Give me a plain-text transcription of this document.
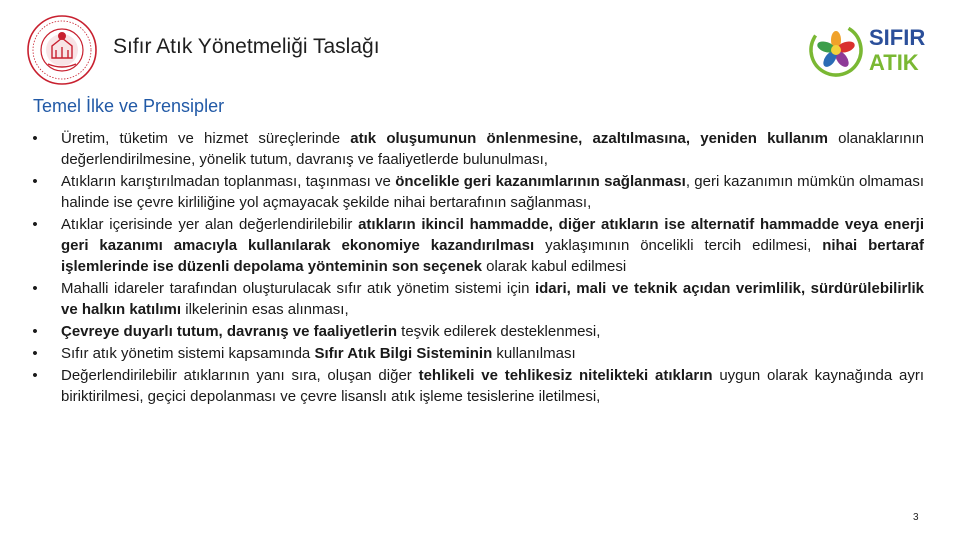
Sıfır Atık Yönetmeliği Taslağı	SIFIR
ATIK
Temel İlke ve Prensipler
• Üretim, tüketim ve hizmet süreçlerinde atık oluşumunun önlenmesine, azaltılmasına, yeniden kullanım olanaklarının değerlendirilmesine, yönelik tutum, davranış ve faaliyetlerde bulunulması,
• Atıkların karıştırılmadan toplanması, taşınması ve öncelikle geri kazanımlarının sağlanması, geri kazanımın mümkün olmaması halinde ise çevre kirliliğine yol açmayacak şekilde nihai bertarafının sağlanması,
• Atıklar içerisinde yer alan değerlendirilebilir atıkların ikincil hammadde, diğer atıkların ise alternatif hammadde veya enerji geri kazanımı amacıyla kullanılarak ekonomiye kazandırılması yaklaşımının öncelikli tercih edilmesi, nihai bertaraf işlemlerinde ise düzenli depolama yönteminin son seçenek olarak kabul edilmesi
• Mahalli idareler tarafından oluşturulacak sıfır atık yönetim sistemi için idari, mali ve teknik açıdan verimlilik, sürdürülebilirlik ve halkın katılımı ilkelerinin esas alınması,
• Çevreye duyarlı tutum, davranış ve faaliyetlerin teşvik edilerek desteklenmesi,
• Sıfır atık yönetim sistemi kapsamında Sıfır Atık Bilgi Sisteminin kullanılması
• Değerlendirilebilir atıklarının yanı sıra, oluşan diğer tehlikeli ve tehlikesiz nitelikteki atıkların uygun olarak kaynağında ayrı biriktirilmesi, geçici depolanması ve çevre lisanslı atık işleme tesislerine iletilmesi,
3
